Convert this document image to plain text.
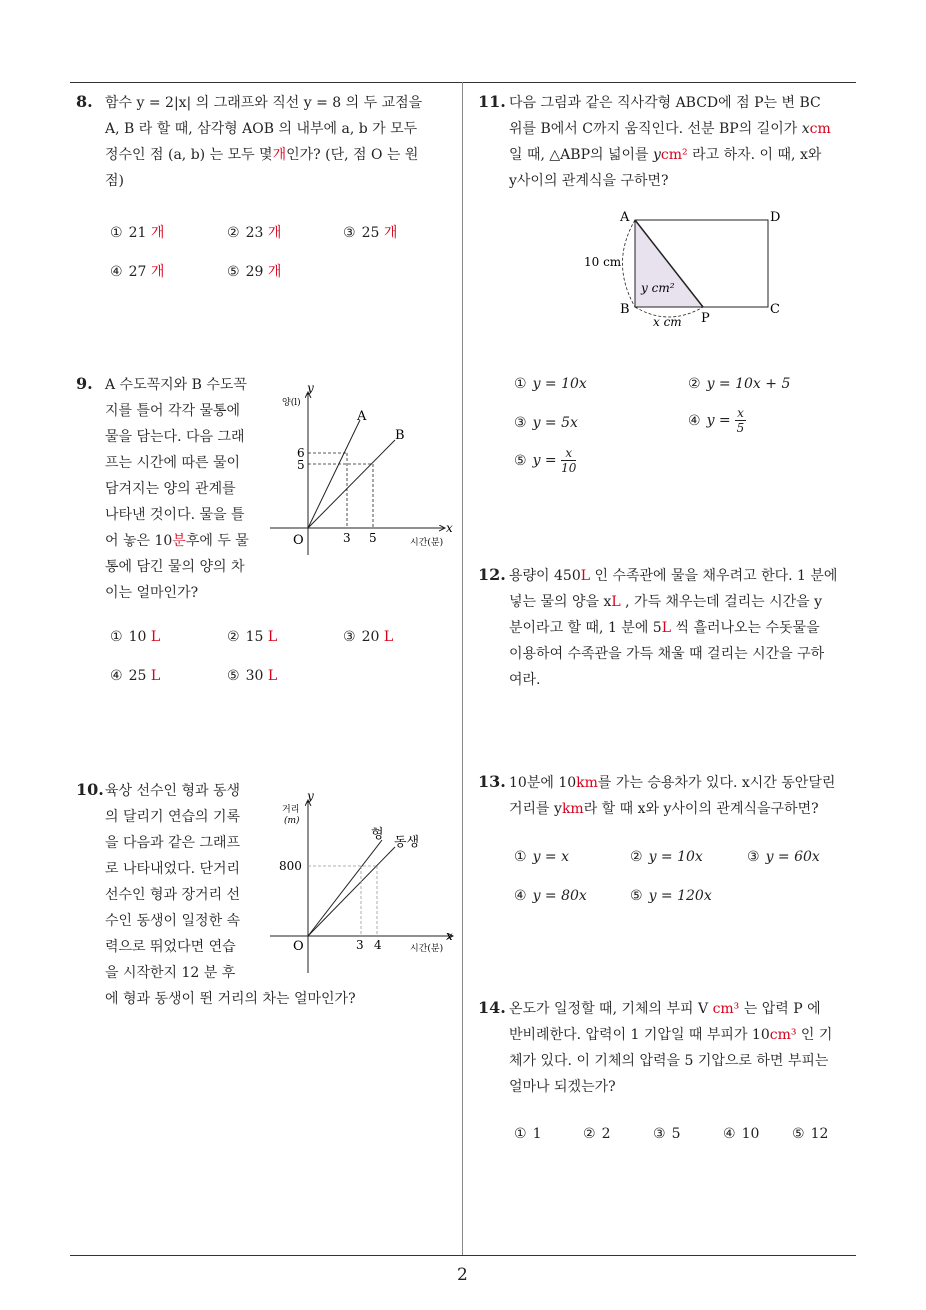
8. 함수 y = 2|x| 의 그래프와 직선 y = 8 의 두 교점을
A, B 라 할 때, 삼각형 AOB 의 내부에 a, b 가 모두
정수인 점 (a, b) 는 모두 몇개인가? (단, 점 O 는 원
점)
① 21 개	② 23 개	③ 25 개
④ 27 개	⑤ 29 개
9. A 수도꼭지와 B 수도꼭
지를 틀어 각각 물통에
물을 담는다. 다음 그래
프는 시간에 따른 물이
담겨지는 양의 관계를
나타낸 것이다. 물을 틀
어 놓은 10분후에 두 물
통에 담긴 물의 양의 차
이는 얼마인가?
y
양(l)
x
시간(분)
O
A
B
6
5
3 5
① 10 L	② 15 L	③ 20 L
④ 25 L	⑤ 30 L
10. 육상 선수인 형과 동생
의 달리기 연습의 기록
을 다음과 같은 그래프
로 나타내었다. 단거리
선수인 형과 장거리 선
수인 동생이 일정한 속
력으로 뛰었다면 연습
을 시작한지 12 분 후
에 형과 동생이 뛴 거리의 차는 얼마인가?
y
거리
(m)
x
시간(분)
O
형
동생
800
3 4
11. 다음 그림과 같은 직사각형 ABCD에 점 P는 변 BC
위를 B에서 C까지 움직인다. 선분 BP의 길이가 xcm
일 때, △ABP의 넓이를 ycm² 라고 하자. 이 때, x와
y사이의 관계식을 구하면?
A	D
B	C
P
10 cm
y cm²
x cm
① y = 10x	② y = 10x + 5
③ y = 5x	④ $y = \frac{x}{5}$
⑤ $y = \frac{x}{10}$
12. 용량이 450L 인 수족관에 물을 채우려고 한다. 1 분에
넣는 물의 양을 xL , 가득 채우는데 걸리는 시간을 y
분이라고 할 때, 1 분에 5L 씩 흘러나오는 수돗물을
이용하여 수족관을 가득 채울 때 걸리는 시간을 구하
여라.
13. 10분에 10km를 가는 승용차가 있다. x시간 동안달린
거리를 ykm라 할 때 x와 y사이의 관계식을구하면?
① y = x	② y = 10x	③ y = 60x
④ y = 80x	⑤ y = 120x
14. 온도가 일정할 때, 기체의 부피 V cm³ 는 압력 P 에
반비례한다. 압력이 1 기압일 때 부피가 10cm³ 인 기
체가 있다. 이 기체의 압력을 5 기압으로 하면 부피는
얼마나 되겠는가?
① 1	② 2	③ 5	④ 10 ⑤ 12
2
